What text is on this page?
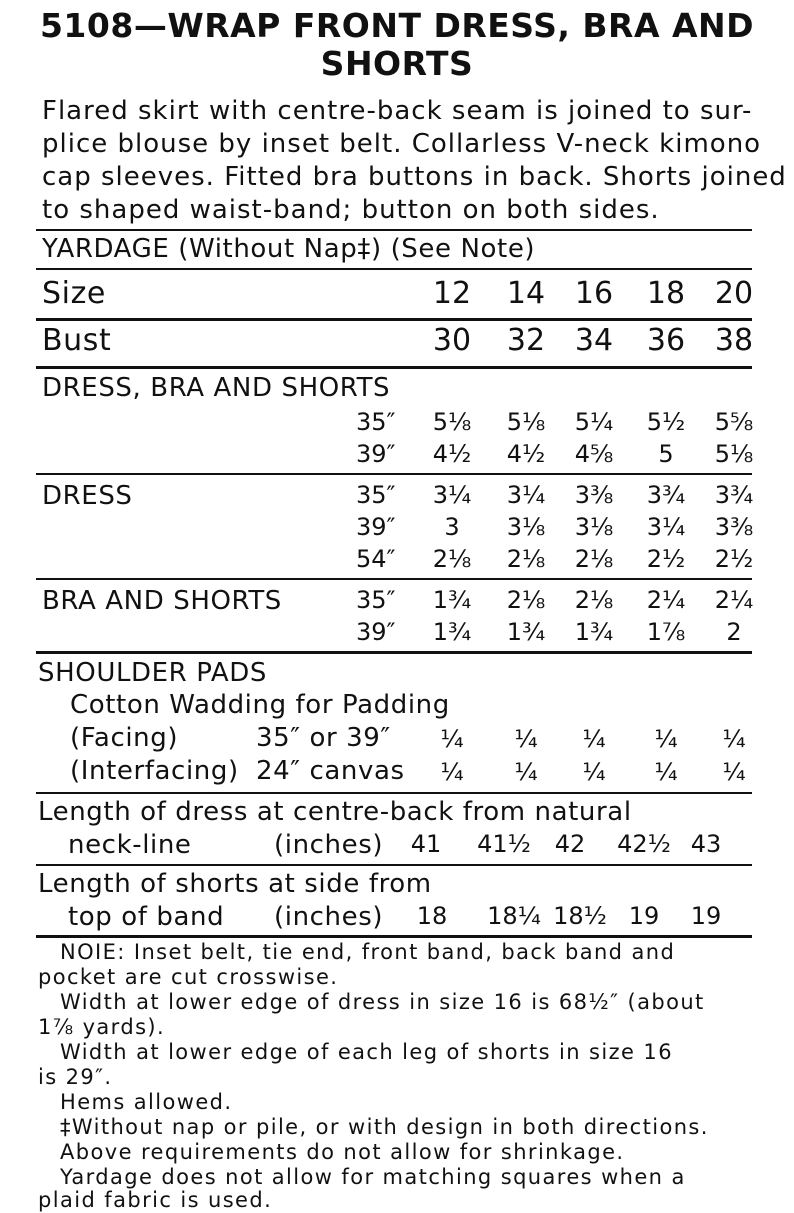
5108—WRAP FRONT DRESS, BRA AND
SHORTS
Flared skirt with centre-back seam is joined to sur-
plice blouse by inset belt. Collarless V-neck kimono
cap sleeves. Fitted bra buttons in back. Shorts joined
to shaped waist-band; button on both sides.
YARDAGE (Without Nap‡) (See Note)
Size	12	14 16	18 20
Bust	30	32 34	36 38
DRESS, BRA AND SHORTS
35″	5⅛	5⅛	5¼	5½	5⅝
39″	4½	4½	4⅝	5	5⅛
DRESS	35″	3¼	3¼	3⅜	3¾	3¾
39″	3	3⅛	3⅛	3¼	3⅜
54″	2⅛	2⅛	2⅛	2½	2½
BRA AND SHORTS	35″	1¾	2⅛	2⅛	2¼	2¼
39″	1¾	1¾	1¾	1⅞	2
SHOULDER PADS
Cotton Wadding for Padding
(Facing)	35″ or 39″	¼	¼	¼	¼	¼
(Interfacing) 24″ canvas	¼	¼	¼	¼	¼
Length of dress at centre-back from natural
neck-line	(inches)	41	41½ 42	42½ 43
Length of shorts at side from
top of band (inches)	18	18¼ 18½ 19	19
NOIE: Inset belt, tie end, front band, back band and
pocket are cut crosswise.
Width at lower edge of dress in size 16 is 68½″ (about
1⅞ yards).
Width at lower edge of each leg of shorts in size 16
is 29″.
Hems allowed.
‡Without nap or pile, or with design in both directions.
Above requirements do not allow for shrinkage.
Yardage does not allow for matching squares when a
plaid fabric is used.
